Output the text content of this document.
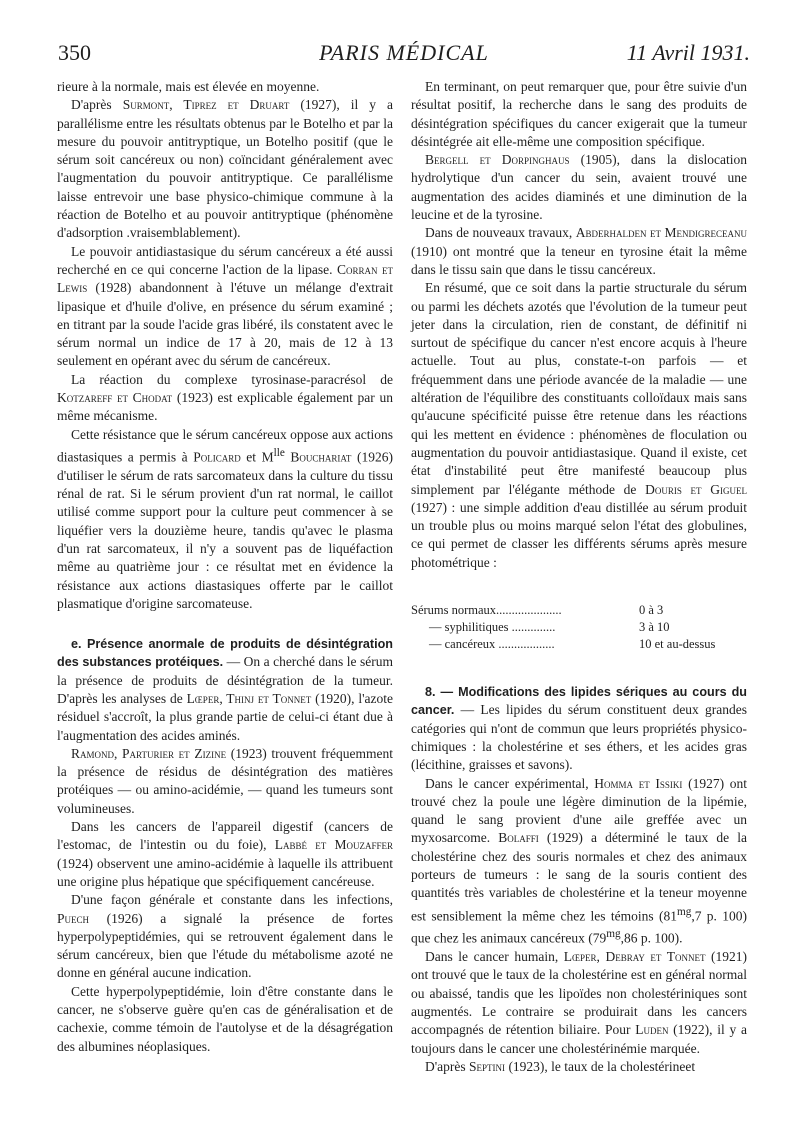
350	PARIS MÉDICAL	11 Avril 1931.

rieure à la normale, mais est élevée en moyenne.

D'après Surmont, Tiprez et Druart (1927), il y a parallélisme entre les résultats obtenus par le Botelho et par la mesure du pouvoir antitryptique, un Botelho positif (que le sérum soit cancéreux ou non) coïncidant généralement avec l'augmentation du pouvoir antitryptique. Ce parallélisme laisse entrevoir une base physico-chimique commune à la réaction de Botelho et au pouvoir antitryptique (phénomène d'adsorption .vraisemblablement).

Le pouvoir antidiastasique du sérum cancéreux a été aussi recherché en ce qui concerne l'action de la lipase. Corran et Lewis (1928) abandonnent à l'étuve un mélange d'extrait lipasique et d'huile d'olive, en présence du sérum examiné ; en titrant par la soude l'acide gras libéré, ils constatent avec le sérum normal un indice de 17 à 20, mais de 12 à 13 seulement en opérant avec du sérum de cancéreux.

La réaction du complexe tyrosinase-paracrésol de Kotzareff et Chodat (1923) est explicable également par un même mécanisme.

Cette résistance que le sérum cancéreux oppose aux actions diastasiques a permis à Policard et $M^{lle}$ Bouchariat (1926) d'utiliser le sérum de rats sarcomateux dans la culture du tissu rénal de rat. Si le sérum provient d'un rat normal, le caillot utilisé comme support pour la culture peut commencer à se liquéfier vers la douzième heure, tandis qu'avec le plasma d'un rat sarcomateux, il n'y a souvent pas de liquéfaction même au quatrième jour : ce résultat met en évidence la résistance aux actions diastasiques offerte par le caillot plasmatique d'origine sarcomateuse.

e. Présence anormale de produits de désintégration des substances protéiques. — On a cherché dans le sérum la présence de produits de désintégration de la tumeur. D'après les analyses de Lœper, Thinj et Tonnet (1920), l'azote résiduel s'accroît, la plus grande partie de celui-ci étant due à l'augmentation des acides aminés.

Ramond, Parturier et Zizine (1923) trouvent fréquemment la présence de résidus de désintégration des matières protéiques — ou amino-acidémie, — quand les tumeurs sont volumineuses.

Dans les cancers de l'appareil digestif (cancers de l'estomac, de l'intestin ou du foie), Labbé et Mouzaffer (1924) observent une amino-acidémie à laquelle ils attribuent une origine plus hépatique que spécifiquement cancéreuse.

D'une façon générale et constante dans les infections, Puech (1926) a signalé la présence de fortes hyperpolypeptidémies, qui se retrouvent également dans le sérum cancéreux, bien que l'étude du métabolisme azoté ne donne en général aucune indication.

Cette hyperpolypeptidémie, loin d'être constante dans le cancer, ne s'observe guère qu'en cas de généralisation et de cachexie, comme témoin de l'autolyse et de la désagrégation des albumines néoplasiques.

En terminant, on peut remarquer que, pour être suivie d'un résultat positif, la recherche dans le sang des produits de désintégration spécifiques du cancer exigerait que la tumeur désintégrée ait elle-même une composition spécifique.

Bergell et Dorpinghaus (1905), dans la dislocation hydrolytique d'un cancer du sein, avaient trouvé une augmentation des acides diaminés et une diminution de la leucine et de la tyrosine.

Dans de nouveaux travaux, Abderhalden et Mendigreceanu (1910) ont montré que la teneur en tyrosine était la même dans le tissu sain que dans le tissu cancéreux.

En résumé, que ce soit dans la partie structurale du sérum ou parmi les déchets azotés que l'évolution de la tumeur peut jeter dans la circulation, rien de constant, de définitif ni surtout de spécifique du cancer n'est encore acquis à l'heure actuelle. Tout au plus, constate-t-on parfois — et fréquemment dans une période avancée de la maladie — une altération de l'équilibre des constituants colloïdaux mais sans qu'aucune spécificité puisse être retenue dans les réactions qui les mettent en évidence : phénomènes de floculation ou augmentation du pouvoir antidiastasique. Quand il existe, cet état d'instabilité peut être manifesté beaucoup plus simplement par l'élégante méthode de Douris et Giguel (1927) : une simple addition d'eau distillée au sérum produit un trouble plus ou moins marqué selon l'état des globulines, ce qui permet de classer les différents sérums après mesure photométrique :

Sérums normaux.....................	0 à 3
— syphilitiques ..............	3 à 10
— cancéreux ..................	10 et au-dessus

8. — Modifications des lipides sériques au cours du cancer. — Les lipides du sérum constituent deux grandes catégories qui n'ont de commun que leurs propriétés physico-chimiques : la cholestérine et ses éthers, et les acides gras (lécithine, graisses et savons).

Dans le cancer expérimental, Homma et Issiki (1927) ont trouvé chez la poule une légère diminution de la lipémie, quand le sang provient d'une aile greffée avec un myxosarcome. Bolaffi (1929) a déterminé le taux de la cholestérine chez des souris normales et chez des animaux porteurs de tumeurs : le sang de la souris contient des quantités très variables de cholestérine et la teneur moyenne est sensiblement la même chez les témoins ($81^{mg},7$ p. 100) que chez les animaux cancéreux ($79^{mg},86$ p. 100).

Dans le cancer humain, Lœper, Debray et Tonnet (1921) ont trouvé que le taux de la cholestérine est en général normal ou abaissé, tandis que les lipoïdes non cholestériniques sont augmentés. Le contraire se produirait dans les cancers accompagnés de rétention biliaire. Pour Luden (1922), il y a toujours dans le cancer une cholestérinémie marquée.

D'après Septini (1923), le taux de la cholestérineet
